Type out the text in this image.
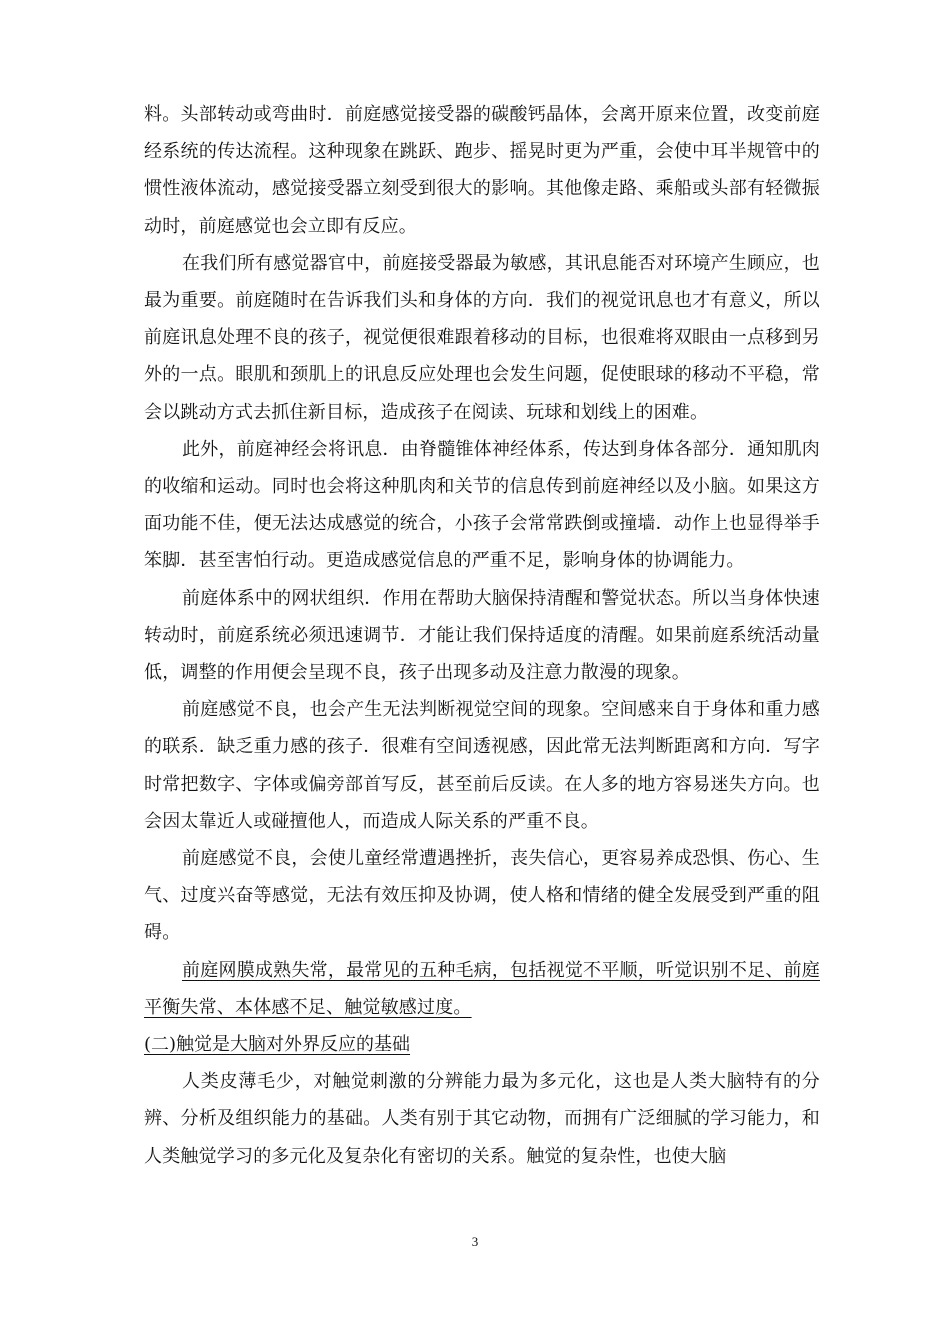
料。头部转动或弯曲时．前庭感觉接受器的碳酸钙晶体，会离开原来位置，改变前庭经系统的传达流程。这种现象在跳跃、跑步、摇晃时更为严重，会使中耳半规管中的惯性液体流动，感觉接受器立刻受到很大的影响。其他像走路、乘船或头部有轻微振动时，前庭感觉也会立即有反应。

在我们所有感觉器官中，前庭接受器最为敏感，其讯息能否对环境产生顾应，也最为重要。前庭随时在告诉我们头和身体的方向．我们的视觉讯息也才有意义，所以前庭讯息处理不良的孩子，视觉便很难跟着移动的目标，也很难将双眼由一点移到另外的一点。眼肌和颈肌上的讯息反应处理也会发生问题，促使眼球的移动不平稳，常会以跳动方式去抓住新目标，造成孩子在阅读、玩球和划线上的困难。

此外，前庭神经会将讯息．由脊髓锥体神经体系，传达到身体各部分．通知肌肉的收缩和运动。同时也会将这种肌肉和关节的信息传到前庭神经以及小脑。如果这方面功能不佳，便无法达成感觉的统合，小孩子会常常跌倒或撞墙．动作上也显得举手笨脚．甚至害怕行动。更造成感觉信息的严重不足，影响身体的协调能力。

前庭体系中的网状组织．作用在帮助大脑保持清醒和警觉状态。所以当身体快速转动时，前庭系统必须迅速调节．才能让我们保持适度的清醒。如果前庭系统活动量低，调整的作用便会呈现不良，孩子出现多动及注意力散漫的现象。

前庭感觉不良，也会产生无法判断视觉空间的现象。空间感来自于身体和重力感的联系．缺乏重力感的孩子．很难有空间透视感，因此常无法判断距离和方向．写字时常把数字、字体或偏旁部首写反，甚至前后反读。在人多的地方容易迷失方向。也会因太靠近人或碰擅他人，而造成人际关系的严重不良。

前庭感觉不良，会使儿童经常遭遇挫折，丧失信心，更容易养成恐惧、伤心、生气、过度兴奋等感觉，无法有效压抑及协调，使人格和情绪的健全发展受到严重的阻碍。

前庭网膜成熟失常，最常见的五种毛病，包括视觉不平顺，听觉识别不足、前庭平衡失常、本体感不足、触觉敏感过度。

(二)触觉是大脑对外界反应的基础

人类皮薄毛少，对触觉刺激的分辨能力最为多元化，这也是人类大脑特有的分辨、分析及组织能力的基础。人类有别于其它动物，而拥有广泛细腻的学习能力，和人类触觉学习的多元化及复杂化有密切的关系。触觉的复杂性，也使大脑

3
